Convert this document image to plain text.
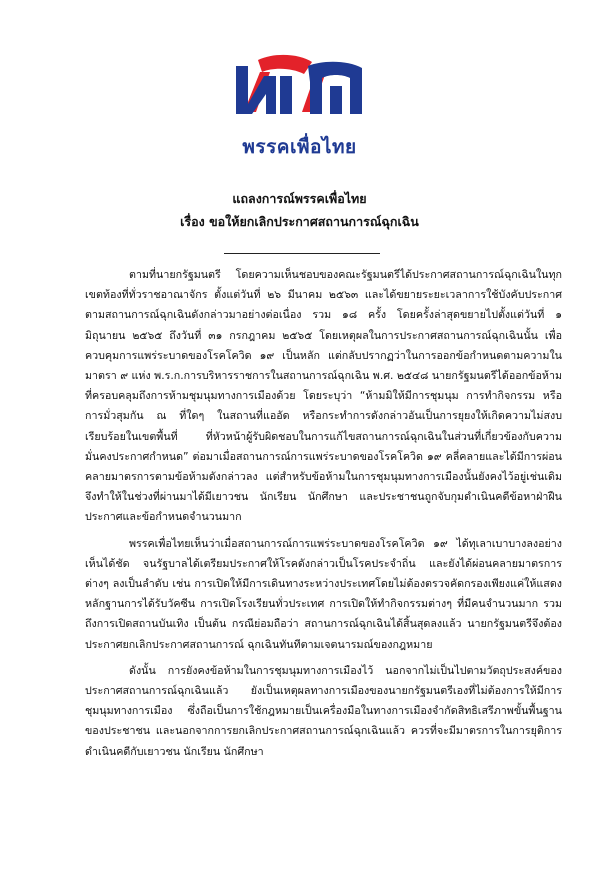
พรรคเพื่อไทย
แถลงการณ์พรรคเพื่อไทย
เรื่อง ขอให้ยกเลิกประกาศสถานการณ์ฉุกเฉิน

ตามที่นายกรัฐมนตรี โดยความเห็นชอบของคณะรัฐมนตรีได้ประกาศสถานการณ์ฉุกเฉินในทุกเขตท้องที่ทั่วราชอาณาจักร ตั้งแต่วันที่ ๒๖ มีนาคม ๒๕๖๓ และได้ขยายระยะเวลาการใช้บังคับประกาศตามสถานการณ์ฉุกเฉินดังกล่าวมาอย่างต่อเนื่อง รวม ๑๘ ครั้ง โดยครั้งล่าสุดขยายไปตั้งแต่วันที่ ๑ มิถุนายน ๒๕๖๕ ถึงวันที่ ๓๑ กรกฎาคม ๒๕๖๕ โดยเหตุผลในการประกาศสถานการณ์ฉุกเฉินนั้น เพื่อควบคุมการแพร่ระบาดของโรคโควิด ๑๙ เป็นหลัก แต่กลับปรากฏว่าในการออกข้อกำหนดตามความในมาตรา ๙ แห่ง พ.ร.ก.การบริหารราชการในสถานการณ์ฉุกเฉิน พ.ศ. ๒๕๔๘ นายกรัฐมนตรีได้ออกข้อห้ามที่ครอบคลุมถึงการห้ามชุมนุมทางการเมืองด้วย โดยระบุว่า “ห้ามมิให้มีการชุมนุม การทำกิจกรรม หรือการมั่วสุมกัน ณ ที่ใดๆ ในสถานที่แออัด หรือกระทำการดังกล่าวอันเป็นการยุยงให้เกิดความไม่สงบเรียบร้อยในเขตพื้นที่ ที่หัวหน้าผู้รับผิดชอบในการแก้ไขสถานการณ์ฉุกเฉินในส่วนที่เกี่ยวข้องกับความมั่นคงประกาศกำหนด” ต่อมาเมื่อสถานการณ์การแพร่ระบาดของโรคโควิด ๑๙ คลี่คลายและได้มีการผ่อนคลายมาตรการตามข้อห้ามดังกล่าวลง แต่สำหรับข้อห้ามในการชุมนุมทางการเมืองนั้นยังคงไว้อยู่เช่นเดิม จึงทำให้ในช่วงที่ผ่านมาได้มีเยาวชน นักเรียน นักศึกษา และประชาชนถูกจับกุมดำเนินคดีข้อหาฝ่าฝืนประกาศและข้อกำหนดจำนวนมาก

พรรคเพื่อไทยเห็นว่าเมื่อสถานการณ์การแพร่ระบาดของโรคโควิด ๑๙ ได้ทุเลาเบาบางลงอย่างเห็นได้ชัด จนรัฐบาลได้เตรียมประกาศให้โรคดังกล่าวเป็นโรคประจำถิ่น และยังได้ผ่อนคลายมาตรการต่างๆ ลงเป็นลำดับ เช่น การเปิดให้มีการเดินทางระหว่างประเทศโดยไม่ต้องตรวจคัดกรองเพียงแค่ให้แสดงหลักฐานการได้รับวัคซีน การเปิดโรงเรียนทั่วประเทศ การเปิดให้ทำกิจกรรมต่างๆ ที่มีคนจำนวนมาก รวมถึงการเปิดสถานบันเทิง เป็นต้น กรณีย่อมถือว่า สถานการณ์ฉุกเฉินได้สิ้นสุดลงแล้ว นายกรัฐมนตรีจึงต้องประกาศยกเลิกประกาศสถานการณ์ ฉุกเฉินทันทีตามเจตนารมณ์ของกฎหมาย

ดังนั้น การยังคงข้อห้ามในการชุมนุมทางการเมืองไว้ นอกจากไม่เป็นไปตามวัตถุประสงค์ของประกาศสถานการณ์ฉุกเฉินแล้ว ยังเป็นเหตุผลทางการเมืองของนายกรัฐมนตรีเองที่ไม่ต้องการให้มีการชุมนุมทางการเมือง ซึ่งถือเป็นการใช้กฎหมายเป็นเครื่องมือในทางการเมืองจำกัดสิทธิเสรีภาพขั้นพื้นฐานของประชาชน และนอกจากการยกเลิกประกาศสถานการณ์ฉุกเฉินแล้ว ควรที่จะมีมาตรการในการยุติการดำเนินคดีกับเยาวชน นักเรียน นักศึกษา
